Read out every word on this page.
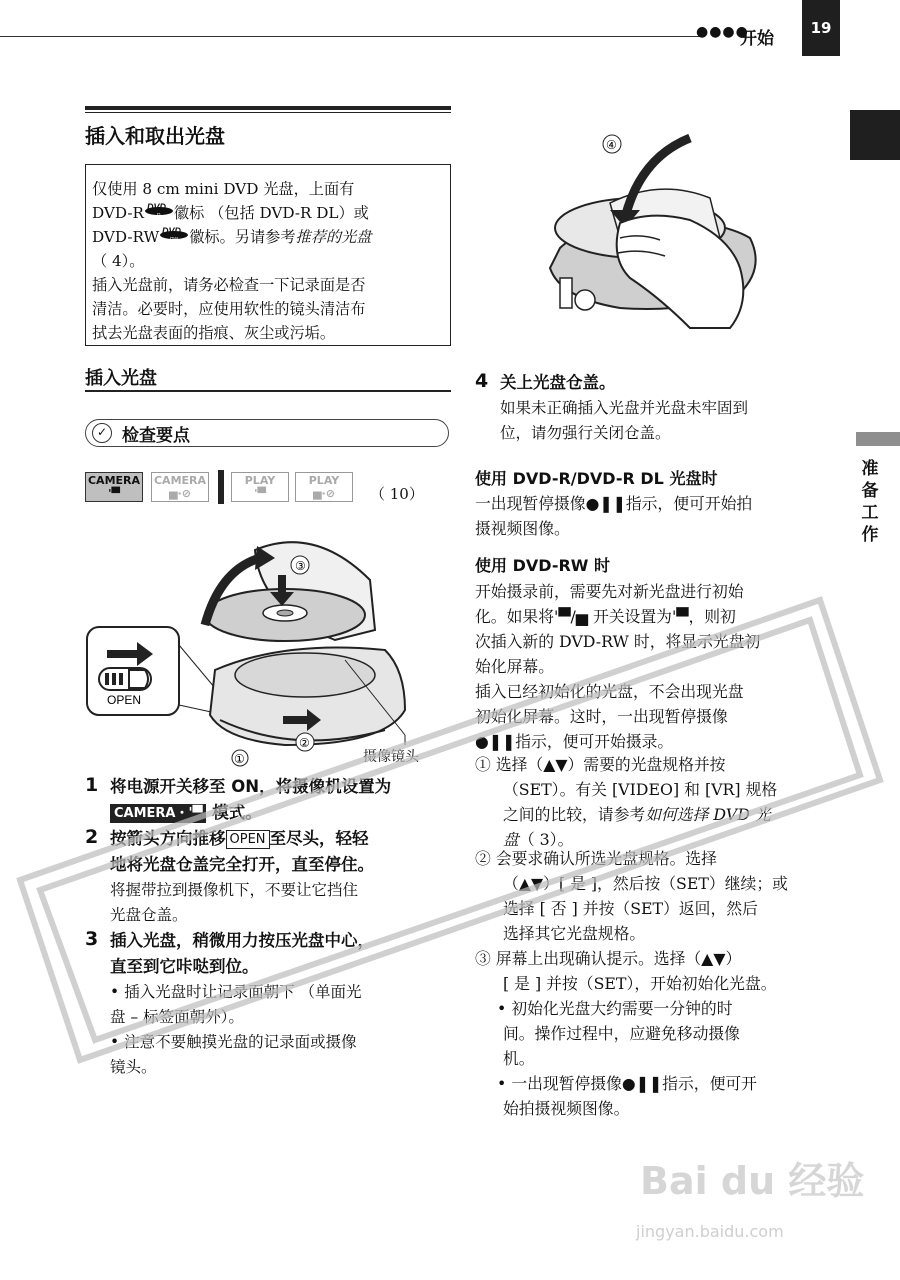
●●●●
开始
19
准备工作
插入和取出光盘
仅使用 8 cm mini DVD 光盘，上面有
DVD-R DVD
R 徽标 （包括 DVD-R DL）或
DVD-RW DVD
RW 徽标。另请参考推荐的光盘
（ 4）。
插入光盘前，请务必检查一下记录面是否
清洁。必要时，应使用软性的镜头清洁布
拭去光盘表面的指痕、灰尘或污垢。
插入光盘
✓ 检查要点
CAMERA
'▀
CAMERA
▅·⊘
PLAY
'▀
PLAY
▅·⊘	（ 10）
OPEN
③
②
①	摄像镜头
1 将电源开关移至 ON，将摄像机设置为
CAMERA・'▀ 模式。
2 按箭头方向推移 OPEN 至尽头，轻轻
地将光盘仓盖完全打开，直至停住。
将握带拉到摄像机下，不要让它挡住
光盘仓盖。
3 插入光盘，稍微用力按压光盘中心，
直至到它咔哒到位。
• 插入光盘时让记录面朝下 （单面光
盘 – 标签面朝外）。
• 注意不要触摸光盘的记录面或摄像
镜头。
④
4 关上光盘仓盖。
如果未正确插入光盘并光盘未牢固到
位，请勿强行关闭仓盖。
使用 DVD-R/DVD-R DL 光盘时
一出现暂停摄像●❚❚指示，便可开始拍
摄视频图像。
使用 DVD-RW 时
开始摄录前，需要先对新光盘进行初始
化。如果将'▀/▅ 开关设置为'▀，则初
次插入新的 DVD-RW 时，将显示光盘初
始化屏幕。
插入已经初始化的光盘，不会出现光盘
初始化屏幕。这时，一出现暂停摄像
●❚❚指示，便可开始摄录。
① 选择（▲▼）需要的光盘规格并按
（SET）。有关 [VIDEO] 和 [VR] 规格
之间的比较，请参考如何选择 DVD 光
盘（ 3）。
② 会要求确认所选光盘规格。选择
（▲▼）[ 是 ]，然后按（SET）继续；或
选择 [ 否 ] 并按（SET）返回，然后
选择其它光盘规格。
③ 屏幕上出现确认提示。选择（▲▼）
[ 是 ] 并按（SET），开始初始化光盘。
• 初始化光盘大约需要一分钟的时
间。操作过程中，应避免移动摄像
机。
• 一出现暂停摄像●❚❚指示，便可开
始拍摄视频图像。
Bai du 经验
jingyan.baidu.com
